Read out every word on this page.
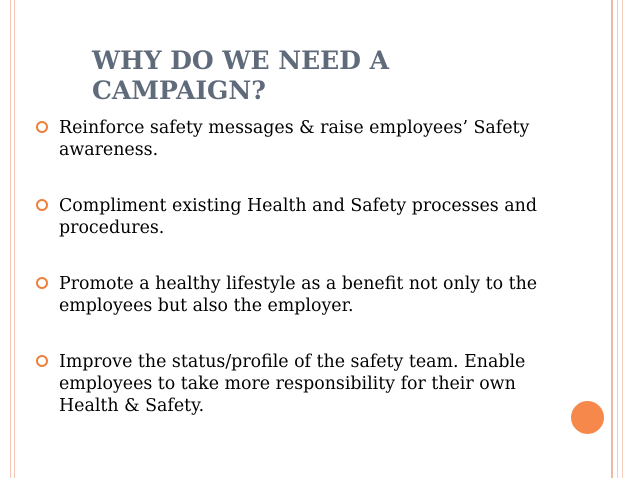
WHY DO WE NEED A CAMPAIGN?
Reinforce safety messages & raise employees’ Safety awareness.
Compliment existing Health and Safety processes and procedures.
Promote a healthy lifestyle as a benefit not only to the employees but also the employer.
Improve the status/profile of the safety team. Enable employees to take more responsibility for their own Health & Safety.
